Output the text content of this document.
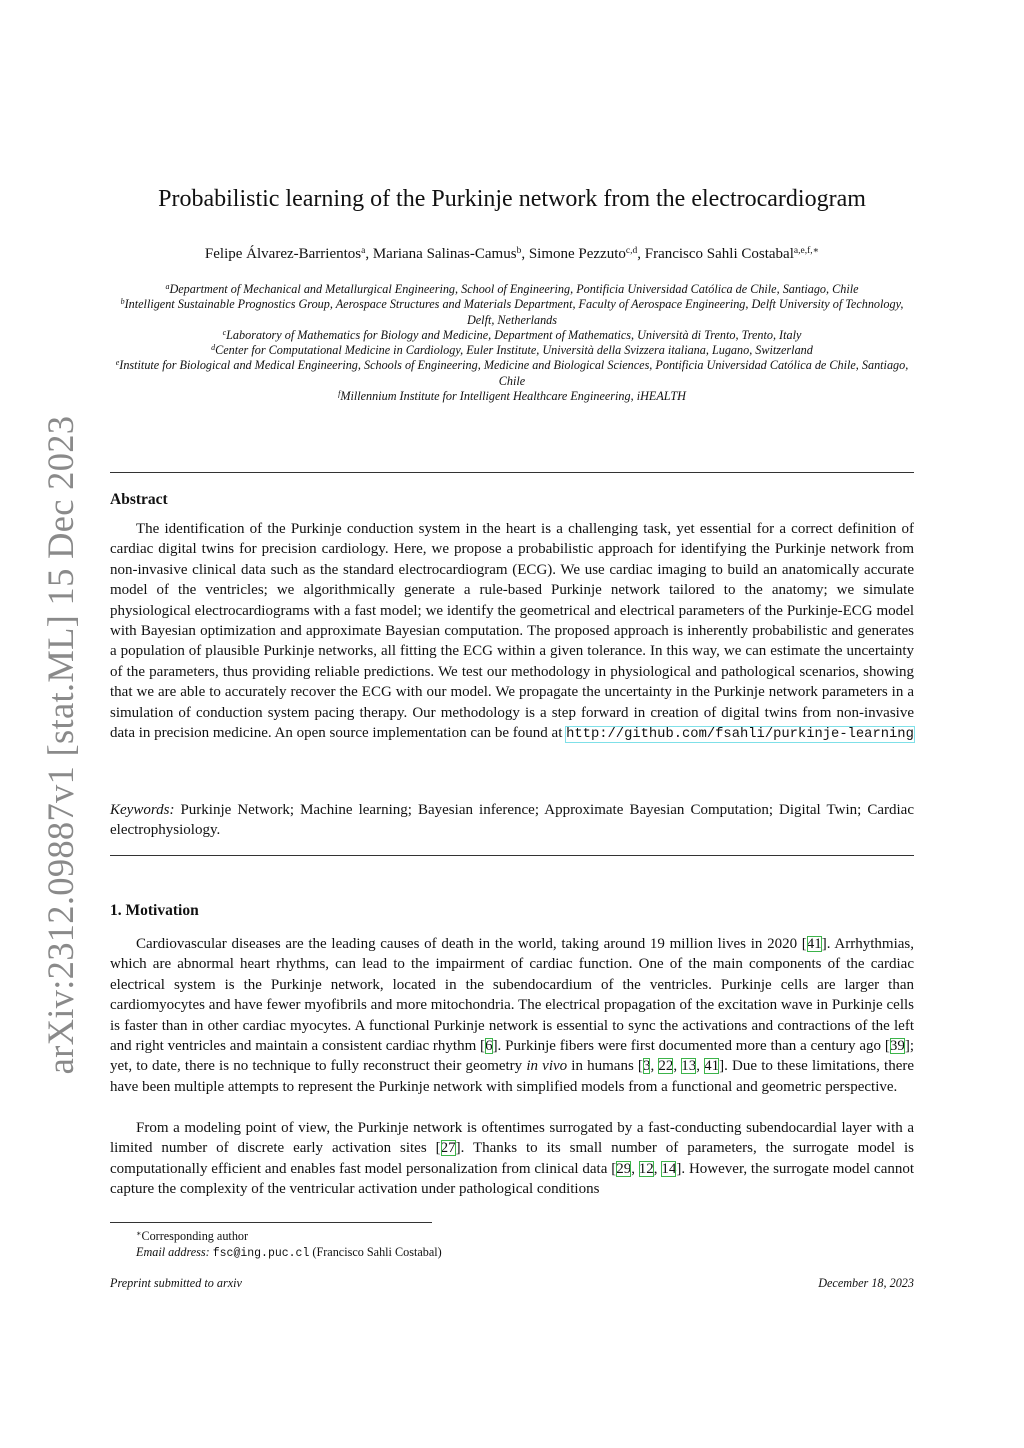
arXiv:2312.09887v1 [stat.ML] 15 Dec 2023
Probabilistic learning of the Purkinje network from the electrocardiogram
Felipe Álvarez-Barrientos$^a$, Mariana Salinas-Camus$^b$, Simone Pezzuto$^{c,d}$, Francisco Sahli Costabal$^{a,e,f,∗}$
$^a$Department of Mechanical and Metallurgical Engineering, School of Engineering, Pontificia Universidad Católica de Chile, Santiago, Chile
$^b$Intelligent Sustainable Prognostics Group, Aerospace Structures and Materials Department, Faculty of Aerospace Engineering, Delft University of Technology, Delft, Netherlands
$^c$Laboratory of Mathematics for Biology and Medicine, Department of Mathematics, Università di Trento, Trento, Italy
$^d$Center for Computational Medicine in Cardiology, Euler Institute, Università della Svizzera italiana, Lugano, Switzerland
$^e$Institute for Biological and Medical Engineering, Schools of Engineering, Medicine and Biological Sciences, Pontificia Universidad Católica de Chile, Santiago, Chile
$^f$Millennium Institute for Intelligent Healthcare Engineering, iHEALTH
Abstract

The identification of the Purkinje conduction system in the heart is a challenging task, yet essential for a correct definition of cardiac digital twins for precision cardiology. Here, we propose a probabilistic approach for identifying the Purkinje network from non-invasive clinical data such as the standard electrocardiogram (ECG). We use cardiac imaging to build an anatomically accurate model of the ventricles; we algorithmically generate a rule-based Purkinje network tailored to the anatomy; we simulate physiological electrocardiograms with a fast model; we identify the geometrical and electrical parameters of the Purkinje-ECG model with Bayesian optimization and approximate Bayesian computation. The proposed approach is inherently probabilistic and generates a population of plausible Purkinje networks, all fitting the ECG within a given tolerance. In this way, we can estimate the uncertainty of the parameters, thus providing reliable predictions. We test our methodology in physiological and pathological scenarios, showing that we are able to accurately recover the ECG with our model. We propagate the uncertainty in the Purkinje network parameters in a simulation of conduction system pacing therapy. Our methodology is a step forward in creation of digital twins from non-invasive data in precision medicine. An open source implementation can be found at http://github.com/fsahli/purkinje-learning

Keywords: Purkinje Network; Machine learning; Bayesian inference; Approximate Bayesian Computation; Digital Twin; Cardiac electrophysiology.

1. Motivation

Cardiovascular diseases are the leading causes of death in the world, taking around 19 million lives in 2020 [41]. Arrhythmias, which are abnormal heart rhythms, can lead to the impairment of cardiac function. One of the main components of the cardiac electrical system is the Purkinje network, located in the subendocardium of the ventricles. Purkinje cells are larger than cardiomyocytes and have fewer myofibrils and more mitochondria. The electrical propagation of the excitation wave in Purkinje cells is faster than in other cardiac myocytes. A functional Purkinje network is essential to sync the activations and contractions of the left and right ventricles and maintain a consistent cardiac rhythm [6]. Purkinje fibers were first documented more than a century ago [39]; yet, to date, there is no technique to fully reconstruct their geometry in vivo in humans [3, 22, 13, 41]. Due to these limitations, there have been multiple attempts to represent the Purkinje network with simplified models from a functional and geometric perspective.

From a modeling point of view, the Purkinje network is oftentimes surrogated by a fast-conducting subendocardial layer with a limited number of discrete early activation sites [27]. Thanks to its small number of parameters, the surrogate model is computationally efficient and enables fast model personalization from clinical data [29, 12, 14]. However, the surrogate model cannot capture the complexity of the ventricular activation under pathological conditions

∗Corresponding author
Email address: fsc@ing.puc.cl (Francisco Sahli Costabal)
Preprint submitted to arxiv	December 18, 2023
